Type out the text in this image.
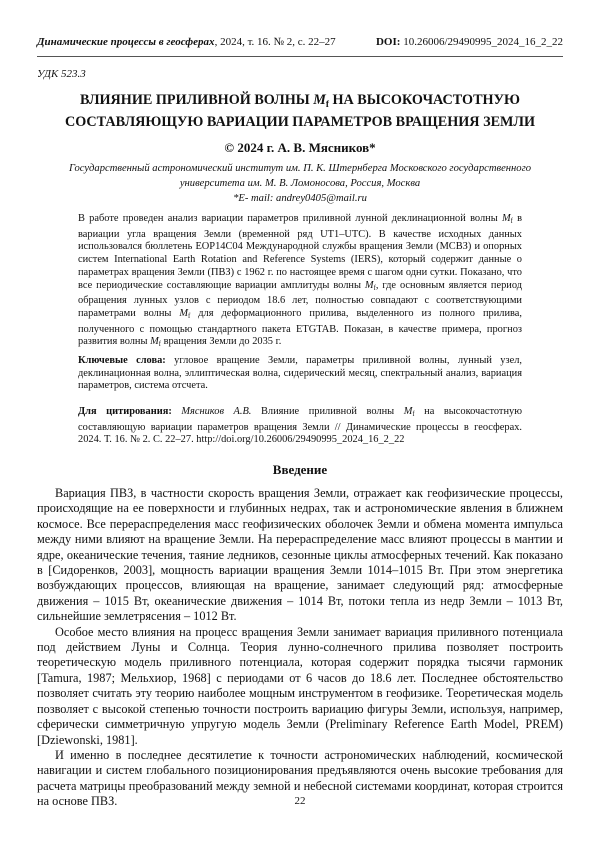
Динамические процессы в геосферах, 2024, т. 16. № 2, с. 22–27	DOI: 10.26006/29490995_2024_16_2_22
УДК 523.3
ВЛИЯНИЕ ПРИЛИВНОЙ ВОЛНЫ Mf НА ВЫСОКОЧАСТОТНУЮ СОСТАВЛЯЮЩУЮ ВАРИАЦИИ ПАРАМЕТРОВ ВРАЩЕНИЯ ЗЕМЛИ
© 2024 г. А. В. Мясников*
Государственный астрономический институт им. П. К. Штернберга Московского государственного
университета им. М. В. Ломоносова, Россия, Москва
*E- mail: andrey0405@mail.ru
В работе проведен анализ вариации параметров приливной лунной деклинационной волны Mf в вариации угла вращения Земли (временной ряд UT1–UTC). В качестве исходных данных использовался бюллетень EOP14C04 Международной службы вращения Земли (МСВЗ) и опорных систем International Earth Rotation and Reference Systems (IERS), который содержит данные о параметрах вращения Земли (ПВЗ) с 1962 г. по настоящее время с шагом одни сутки. Показано, что все периодические составляющие вариации амплитуды волны Mf, где основным является период обращения лунных узлов с периодом 18.6 лет, полностью совпадают с соответствующими параметрами волны Mf для деформационного прилива, выделенного из полного прилива, полученного с помощью стандартного пакета ETGTAB. Показан, в качестве примера, прогноз развития волны Mf вращения Земли до 2035 г.
Ключевые слова: угловое вращение Земли, параметры приливной волны, лунный узел, деклинационная волна, эллиптическая волна, сидерический месяц, спектральный анализ, вариация параметров, система отсчета.
Для цитирования: Мясников А.В. Влияние приливной волны Mf на высокочастотную составляющую вариации параметров вращения Земли // Динамические процессы в геосферах. 2024. Т. 16. № 2. С. 22–27. http://doi.org/10.26006/29490995_2024_16_2_22
Введение

Вариация ПВЗ, в частности скорость вращения Земли, отражает как геофизические процессы, происходящие на ее поверхности и глубинных недрах, так и астрономические явления в ближнем космосе. Все перераспределения масс геофизических оболочек Земли и обмена момента импульса между ними влияют на вращение Земли. На перераспределение масс влияют процессы в мантии и ядре, океанические течения, таяние ледников, сезонные циклы атмосферных течений. Как показано в [Сидоренков, 2003], мощность вариации вращения Земли 1014–1015 Вт. При этом энергетика возбуждающих процессов, влияющая на вращение, занимает следующий ряд: атмосферные движения – 1015 Вт, океанические движения – 1014 Вт, потоки тепла из недр Земли – 1013 Вт, сильнейшие землетрясения – 1012 Вт.

Особое место влияния на процесс вращения Земли занимает вариация приливного потенциала под действием Луны и Солнца. Теория лунно-солнечного прилива позволяет построить теоретическую модель приливного потенциала, которая содержит порядка тысячи гармоник [Tamura, 1987; Мельхиор, 1968] с периодами от 6 часов до 18.6 лет. Последнее обстоятельство позволяет считать эту теорию наиболее мощным инструментом в геофизике. Теоретическая модель позволяет с высокой степенью точности построить вариацию фигуры Земли, используя, например, сферически симметричную упругую модель Земли (Preliminary Reference Earth Model, PREM) [Dziewonski, 1981].

И именно в последнее десятилетие к точности астрономических наблюдений, космической навигации и систем глобального позиционирования предъявляются очень высокие требования для расчета матрицы преобразований между земной и небесной системами координат, которая строится на основе ПВЗ.	22
